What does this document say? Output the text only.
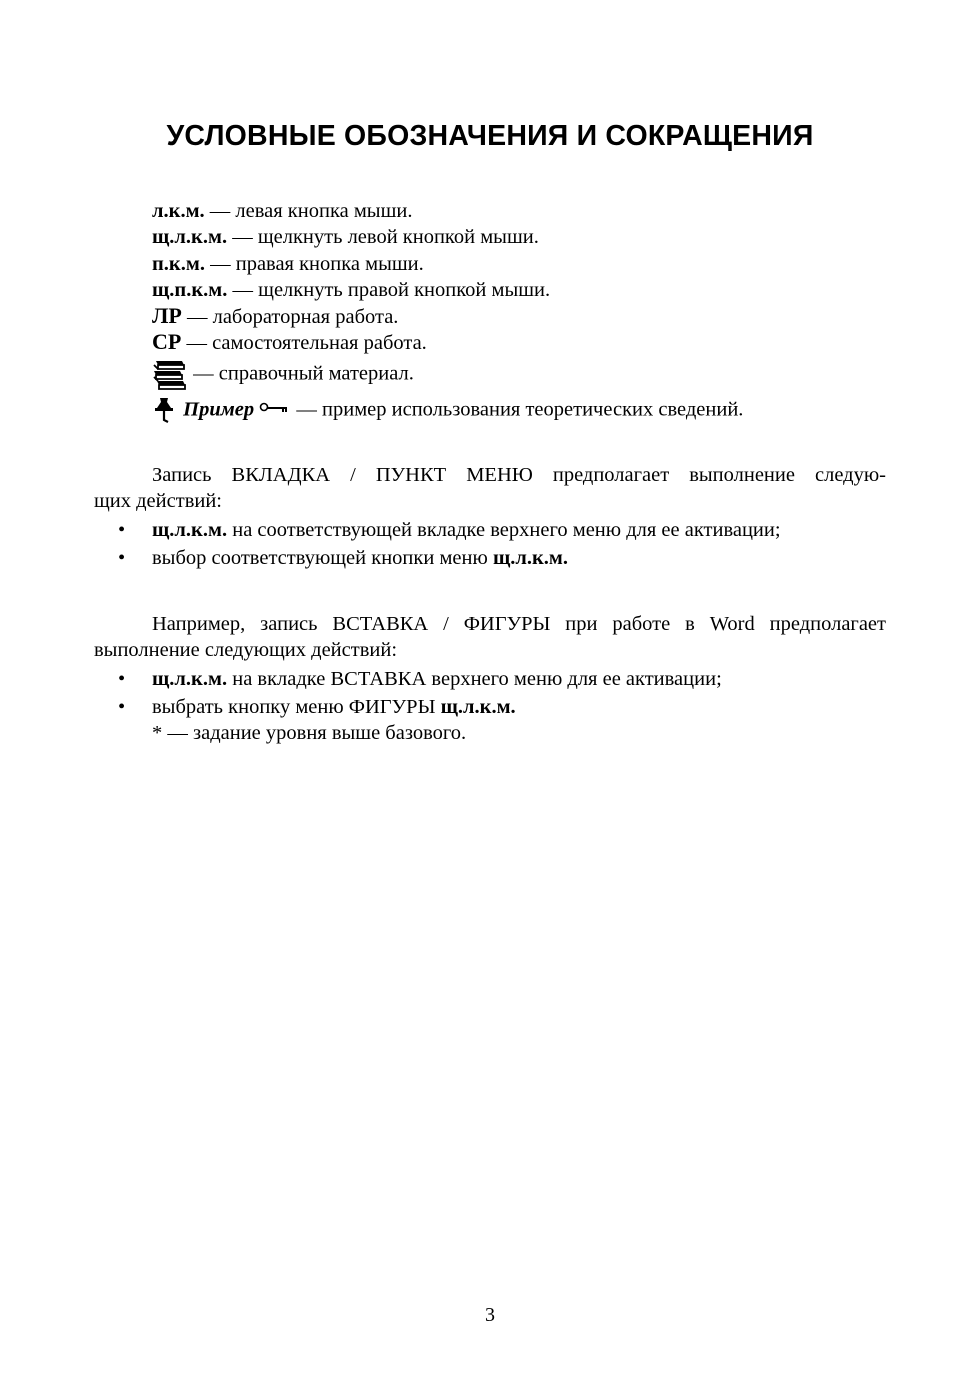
УСЛОВНЫЕ ОБОЗНАЧЕНИЯ И СОКРАЩЕНИЯ
л.к.м. — левая кнопка мыши.
щ.л.к.м. — щелкнуть левой кнопкой мыши.
п.к.м. — правая кнопка мыши.
щ.п.к.м. — щелкнуть правой кнопкой мыши.
ЛР — лабораторная работа.
СР — самостоятельная работа.
— справочный материал.
Пример  — пример использования теоретических сведений.
Запись ВКЛАДКА / ПУНКТ МЕНЮ предполагает выполнение следую-
щих действий:
• щ.л.к.м. на соответствующей вкладке верхнего меню для ее активации;
• выбор соответствующей кнопки меню щ.л.к.м.
Например, запись ВСТАВКА / ФИГУРЫ при работе в Word предполагает
выполнение следующих действий:
• щ.л.к.м. на вкладке ВСТАВКА верхнего меню для ее активации;
• выбрать кнопку меню ФИГУРЫ щ.л.к.м.
* — задание уровня выше базового.
3
